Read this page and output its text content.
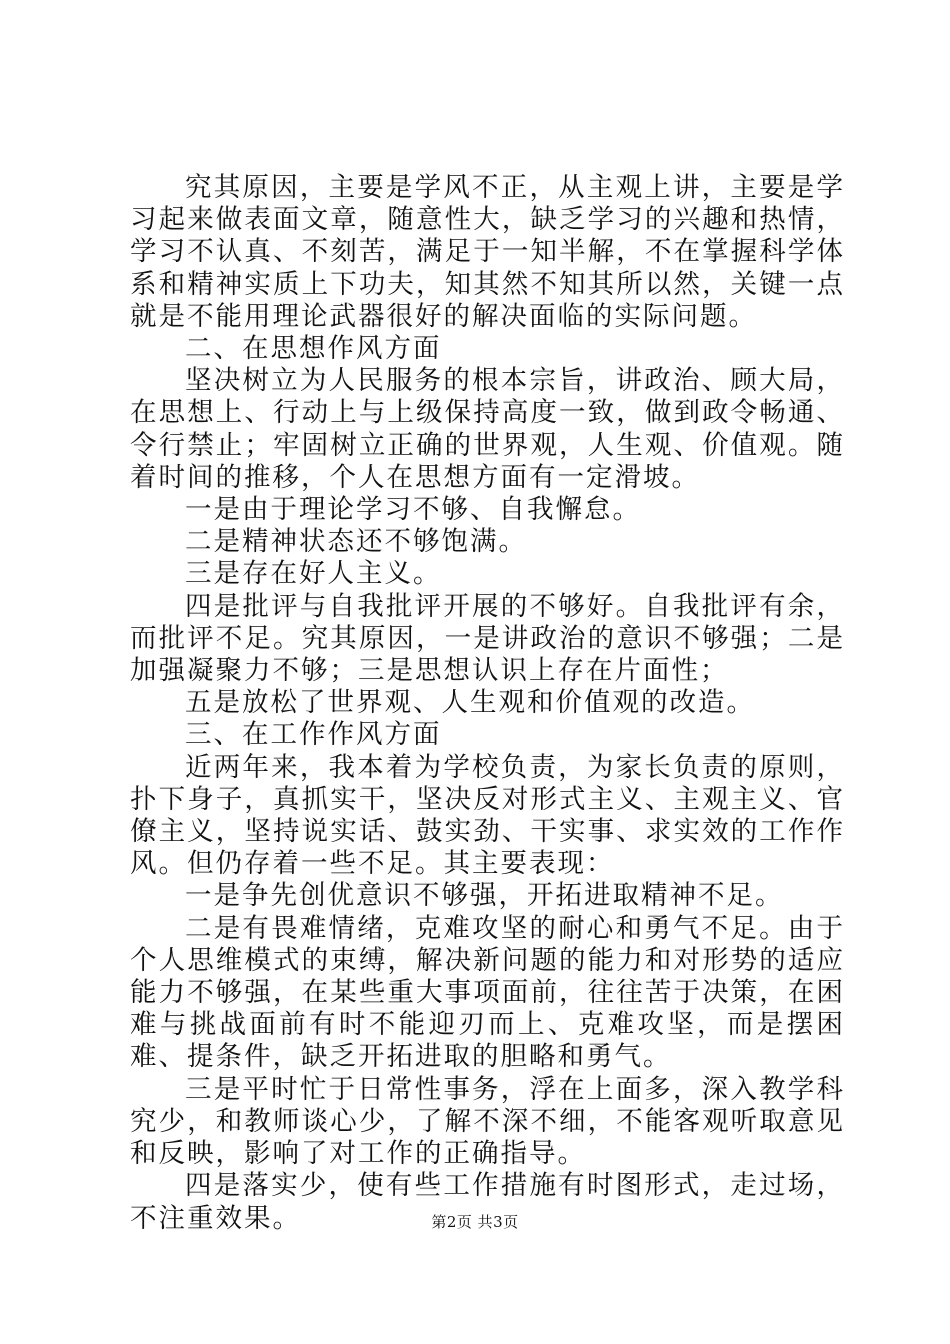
究其原因，主要是学风不正，从主观上讲，主要是学习起来做表面文章，随意性大，缺乏学习的兴趣和热情，学习不认真、不刻苦，满足于一知半解，不在掌握科学体系和精神实质上下功夫，知其然不知其所以然，关键一点就是不能用理论武器很好的解决面临的实际问题。

二、在思想作风方面

坚决树立为人民服务的根本宗旨，讲政治、顾大局，在思想上、行动上与上级保持高度一致，做到政令畅通、令行禁止；牢固树立正确的世界观，人生观、价值观。随着时间的推移，个人在思想方面有一定滑坡。

一是由于理论学习不够、自我懈怠。

二是精神状态还不够饱满。

三是存在好人主义。

四是批评与自我批评开展的不够好。自我批评有余，而批评不足。究其原因，一是讲政治的意识不够强；二是加强凝聚力不够；三是思想认识上存在片面性；

五是放松了世界观、人生观和价值观的改造。

三、在工作作风方面

近两年来，我本着为学校负责，为家长负责的原则，扑下身子，真抓实干，坚决反对形式主义、主观主义、官僚主义，坚持说实话、鼓实劲、干实事、求实效的工作作风。但仍存着一些不足。其主要表现：

一是争先创优意识不够强，开拓进取精神不足。

二是有畏难情绪，克难攻坚的耐心和勇气不足。由于个人思维模式的束缚，解决新问题的能力和对形势的适应能力不够强，在某些重大事项面前，往往苦于决策，在困难与挑战面前有时不能迎刃而上、克难攻坚，而是摆困难、提条件，缺乏开拓进取的胆略和勇气。

三是平时忙于日常性事务，浮在上面多，深入教学科究少，和教师谈心少，了解不深不细，不能客观听取意见和反映，影响了对工作的正确指导。

四是落实少，使有些工作措施有时图形式，走过场，不注重效果。	第2页 共3页
